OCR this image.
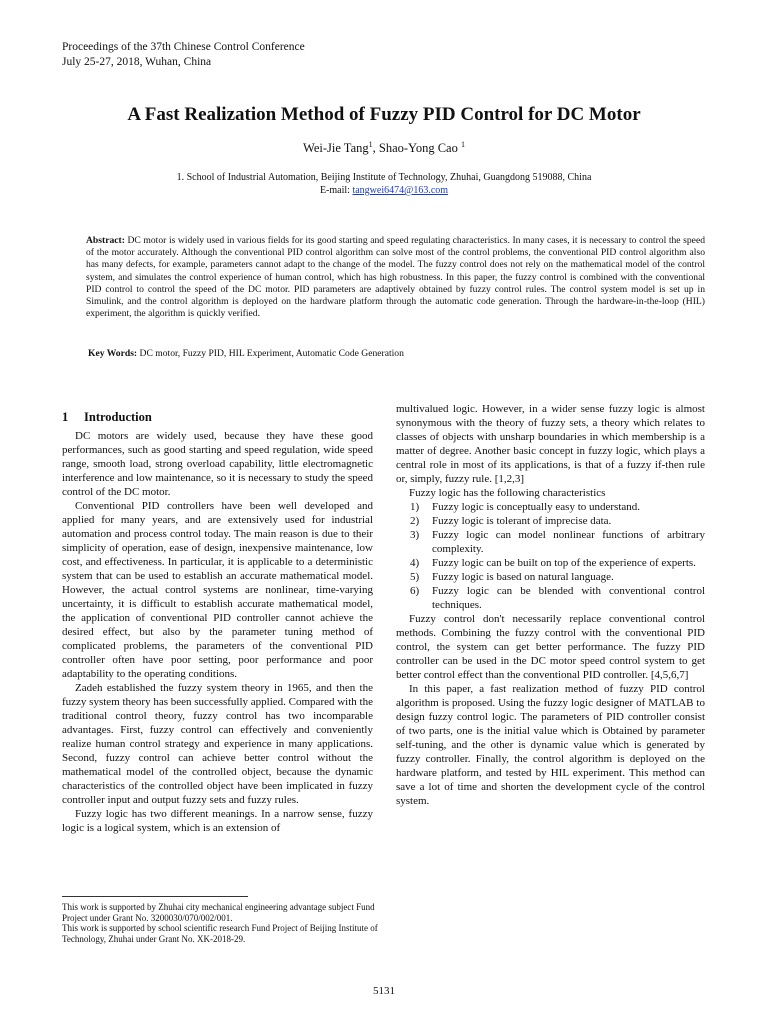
Proceedings of the 37th Chinese Control Conference
July 25-27, 2018, Wuhan, China
A Fast Realization Method of Fuzzy PID Control for DC Motor
Wei-Jie Tang$^1$, Shao-Yong Cao $^1$
1. School of Industrial Automation, Beijing Institute of Technology, Zhuhai, Guangdong 519088, China
E-mail: tangwei6474@163.com
Abstract: DC motor is widely used in various fields for its good starting and speed regulating characteristics. In many cases, it is necessary to control the speed of the motor accurately. Although the conventional PID control algorithm can solve most of the control problems, the conventional PID control algorithm also has many defects, for example, parameters cannot adapt to the change of the model. The fuzzy control does not rely on the mathematical model of the control system, and simulates the control experience of human control, which has high robustness. In this paper, the fuzzy control is combined with the conventional PID control to control the speed of the DC motor. PID parameters are adaptively obtained by fuzzy control rules. The control system model is set up in Simulink, and the control algorithm is deployed on the hardware platform through the automatic code generation. Through the hardware-in-the-loop (HIL) experiment, the algorithm is quickly verified.
Key Words: DC motor, Fuzzy PID, HIL Experiment, Automatic Code Generation

1 Introduction

DC motors are widely used, because they have these good performances, such as good starting and speed regulation, wide speed range, smooth load, strong overload capability, little electromagnetic interference and low maintenance, so it is necessary to study the speed control of the DC motor.

Conventional PID controllers have been well developed and applied for many years, and are extensively used for industrial automation and process control today. The main reason is due to their simplicity of operation, ease of design, inexpensive maintenance, low cost, and effectiveness. In particular, it is applicable to a deterministic system that can be used to establish an accurate mathematical model. However, the actual control systems are nonlinear, time-varying uncertainty, it is difficult to establish accurate mathematical model, the application of conventional PID controller cannot achieve the desired effect, but also by the parameter tuning method of complicated problems, the parameters of the conventional PID controller often have poor setting, poor performance and poor adaptability to the operating conditions.

Zadeh established the fuzzy system theory in 1965, and then the fuzzy system theory has been successfully applied. Compared with the traditional control theory, fuzzy control has two incomparable advantages. First, fuzzy control can effectively and conveniently realize human control strategy and experience in many applications. Second, fuzzy control can achieve better control without the mathematical model of the controlled object, because the dynamic characteristics of the controlled object have been implicated in fuzzy controller input and output fuzzy sets and fuzzy rules.

Fuzzy logic has two different meanings. In a narrow sense, fuzzy logic is a logical system, which is an extension of

multivalued logic. However, in a wider sense fuzzy logic is almost synonymous with the theory of fuzzy sets, a theory which relates to classes of objects with unsharp boundaries in which membership is a matter of degree. Another basic concept in fuzzy logic, which plays a central role in most of its applications, is that of a fuzzy if-then rule or, simply, fuzzy rule. [1,2,3]

Fuzzy logic has the following characteristics

1) Fuzzy logic is conceptually easy to understand.
2) Fuzzy logic is tolerant of imprecise data.
3) Fuzzy logic can model nonlinear functions of arbitrary complexity.
4) Fuzzy logic can be built on top of the experience of experts.
5) Fuzzy logic is based on natural language.
6) Fuzzy logic can be blended with conventional control techniques.

Fuzzy control don't necessarily replace conventional control methods. Combining the fuzzy control with the conventional PID control, the system can get better performance. The fuzzy PID controller can be used in the DC motor speed control system to get better control effect than the conventional PID controller. [4,5,6,7]

In this paper, a fast realization method of fuzzy PID control algorithm is proposed. Using the fuzzy logic designer of MATLAB to design fuzzy control logic. The parameters of PID controller consist of two parts, one is the initial value which is Obtained by parameter self-tuning, and the other is dynamic value which is generated by fuzzy controller. Finally, the control algorithm is deployed on the hardware platform, and tested by HIL experiment. This method can save a lot of time and shorten the development cycle of the control system.

This work is supported by Zhuhai city mechanical engineering advantage subject Fund Project under Grant No. 3200030/070/002/001.
This work is supported by school scientific research Fund Project of Beijing Institute of Technology, Zhuhai under Grant No. XK-2018-29.
5131
